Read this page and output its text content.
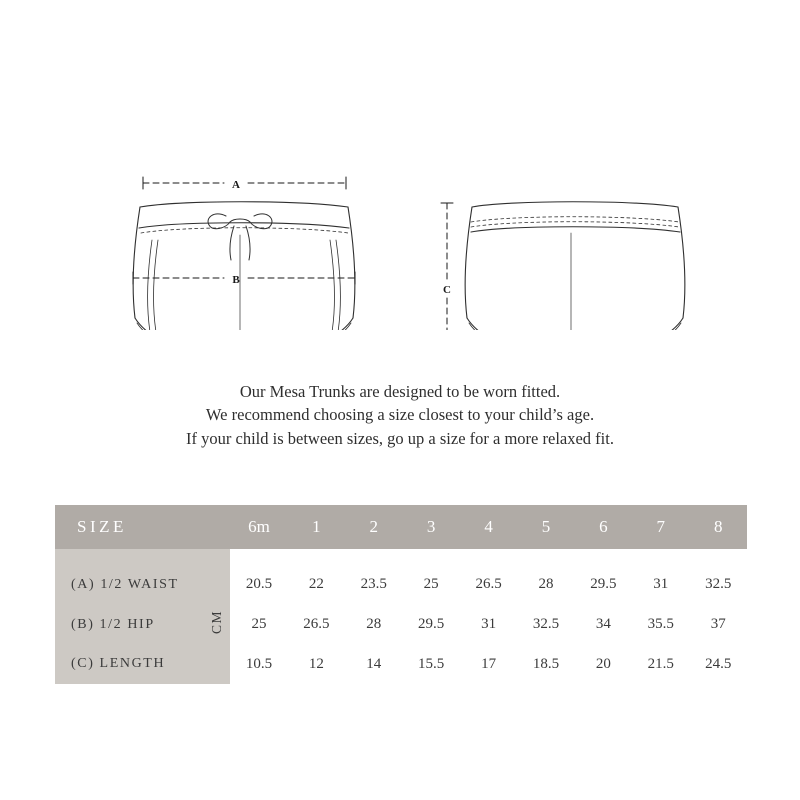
A
B
C
Our Mesa Trunks are designed to be worn fitted.
We recommend choosing a size closest to your child’s age.
If your child is between sizes, go up a size for a more relaxed fit.
SIZE		6m	1	2	3	4	5	6	7	8

(A) 1/2 WAIST	CM	20.5	22	23.5	25	26.5	28	29.5	31	32.5
(B) 1/2 HIP		25	26.5	28	29.5	31	32.5	34	35.5	37
(C) LENGTH		10.5	12	14	15.5	17	18.5	20	21.5	24.5
